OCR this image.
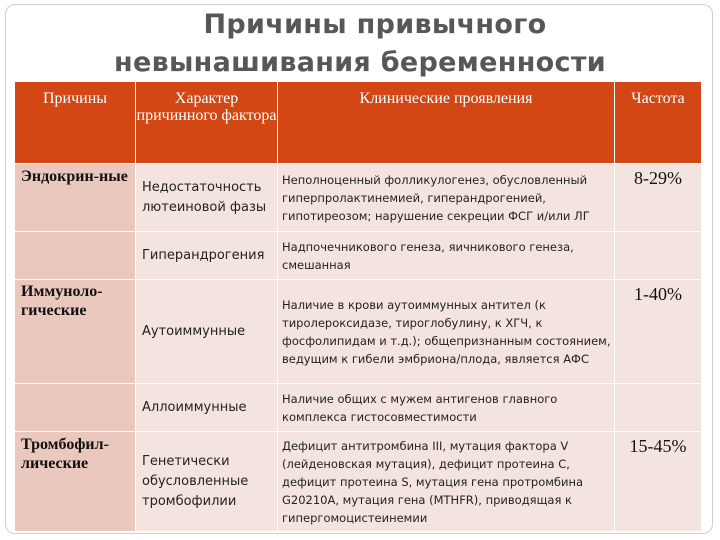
Причины привычного
невынашивания беременности
Причины	Характер причинного фактора	Клинические проявления	Частота

Эндокрин-ные	Недостаточность лютеиновой фазы	Неполноценный фолликулогенез, обусловленный гиперпролактинемией, гиперандрогенией, гипотиреозом; нарушение секреции ФСГ и/или ЛГ	8-29%

	Гиперандрогения	Надпочечникового генеза, яичникового генеза, смешанная	

Иммуноло-гические	Аутоиммунные	Наличие в крови аутоиммунных антител (к тиролероксидазе, тироглобулину, к ХГЧ, к фосфолипидам и т.д.); общепризнанным состоянием, ведущим к гибели эмбриона/плода, является АФС	1-40%

	Аллоиммунные	Наличие общих с мужем антигенов главного комплекса гистосовместимости	

Тромбофил-лические	Генетически обусловленные тромбофилии	Дефицит антитромбина III, мутация фактора V (лейденовская мутация), дефицит протеина C, дефицит протеина S, мутация гена протромбина G20210A, мутация гена (MTHFR), приводящая к гипергомоцистеинемии	15-45%
